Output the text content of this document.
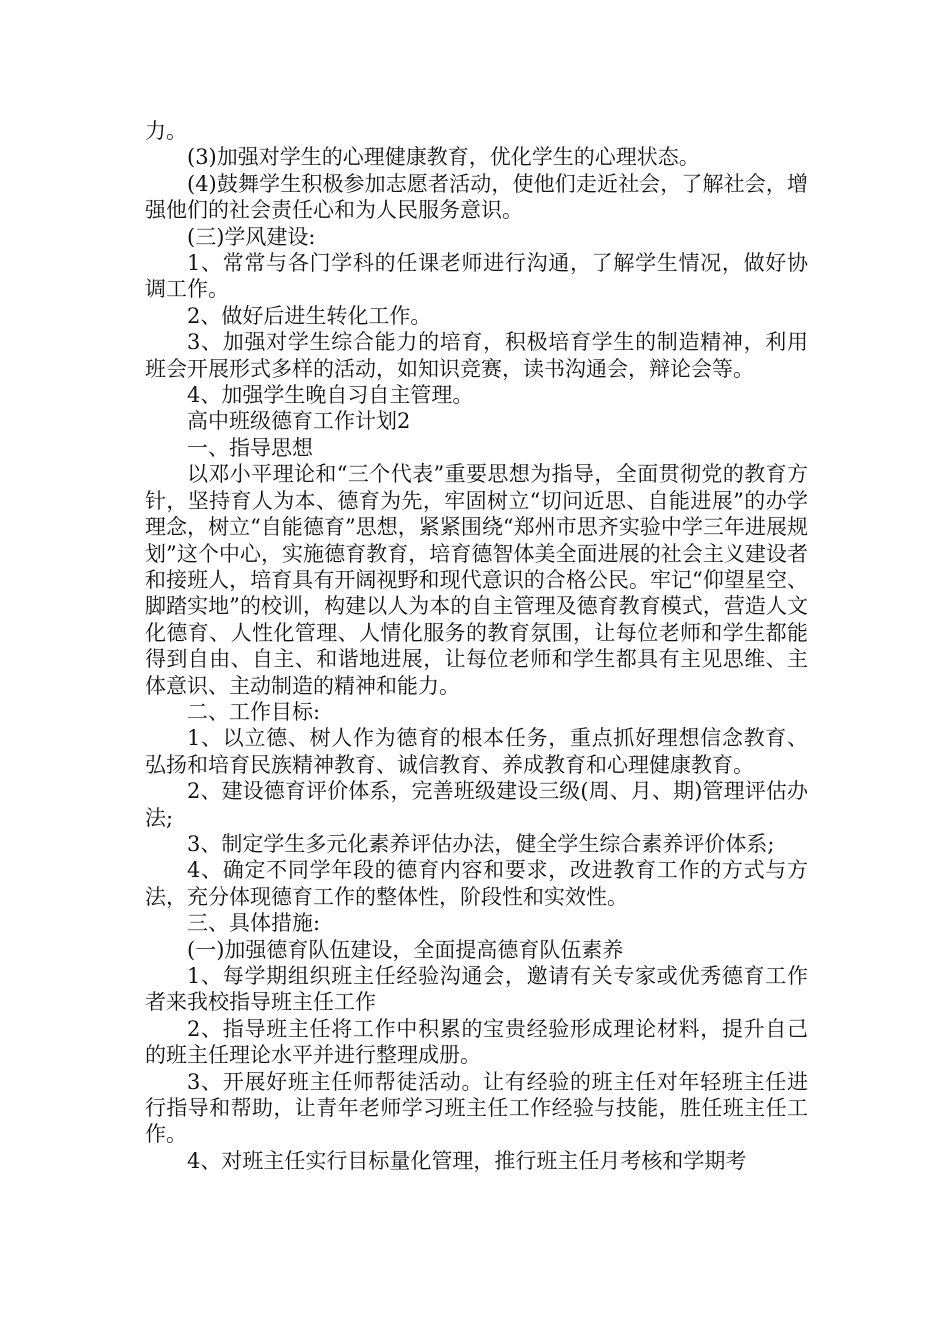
力。

(3)加强对学生的心理健康教育，优化学生的心理状态。

(4)鼓舞学生积极参加志愿者活动，使他们走近社会，了解社会，增强他们的社会责任心和为人民服务意识。

(三)学风建设:

1、常常与各门学科的任课老师进行沟通，了解学生情况，做好协调工作。

2、做好后进生转化工作。

3、加强对学生综合能力的培育，积极培育学生的制造精神，利用班会开展形式多样的活动，如知识竞赛，读书沟通会，辩论会等。

4、加强学生晚自习自主管理。

高中班级德育工作计划2

一、指导思想

以邓小平理论和“三个代表”重要思想为指导，全面贯彻党的教育方针，坚持育人为本、德育为先，牢固树立“切问近思、自能进展”的办学理念，树立“自能德育”思想，紧紧围绕“郑州市思齐实验中学三年进展规划”这个中心，实施德育教育，培育德智体美全面进展的社会主义建设者和接班人，培育具有开阔视野和现代意识的合格公民。牢记“仰望星空、脚踏实地”的校训，构建以人为本的自主管理及德育教育模式，营造人文化德育、人性化管理、人情化服务的教育氛围，让每位老师和学生都能得到自由、自主、和谐地进展，让每位老师和学生都具有主见思维、主体意识、主动制造的精神和能力。

二、工作目标:

1、以立德、树人作为德育的根本任务，重点抓好理想信念教育、弘扬和培育民族精神教育、诚信教育、养成教育和心理健康教育。

2、建设德育评价体系，完善班级建设三级(周、月、期)管理评估办法;

3、制定学生多元化素养评估办法，健全学生综合素养评价体系;

4、确定不同学年段的德育内容和要求，改进教育工作的方式与方法，充分体现德育工作的整体性，阶段性和实效性。

三、具体措施:

(一)加强德育队伍建设，全面提高德育队伍素养

1、每学期组织班主任经验沟通会，邀请有关专家或优秀德育工作者来我校指导班主任工作

2、指导班主任将工作中积累的宝贵经验形成理论材料，提升自己的班主任理论水平并进行整理成册。

3、开展好班主任师帮徒活动。让有经验的班主任对年轻班主任进行指导和帮助，让青年老师学习班主任工作经验与技能，胜任班主任工作。

4、对班主任实行目标量化管理，推行班主任月考核和学期考
